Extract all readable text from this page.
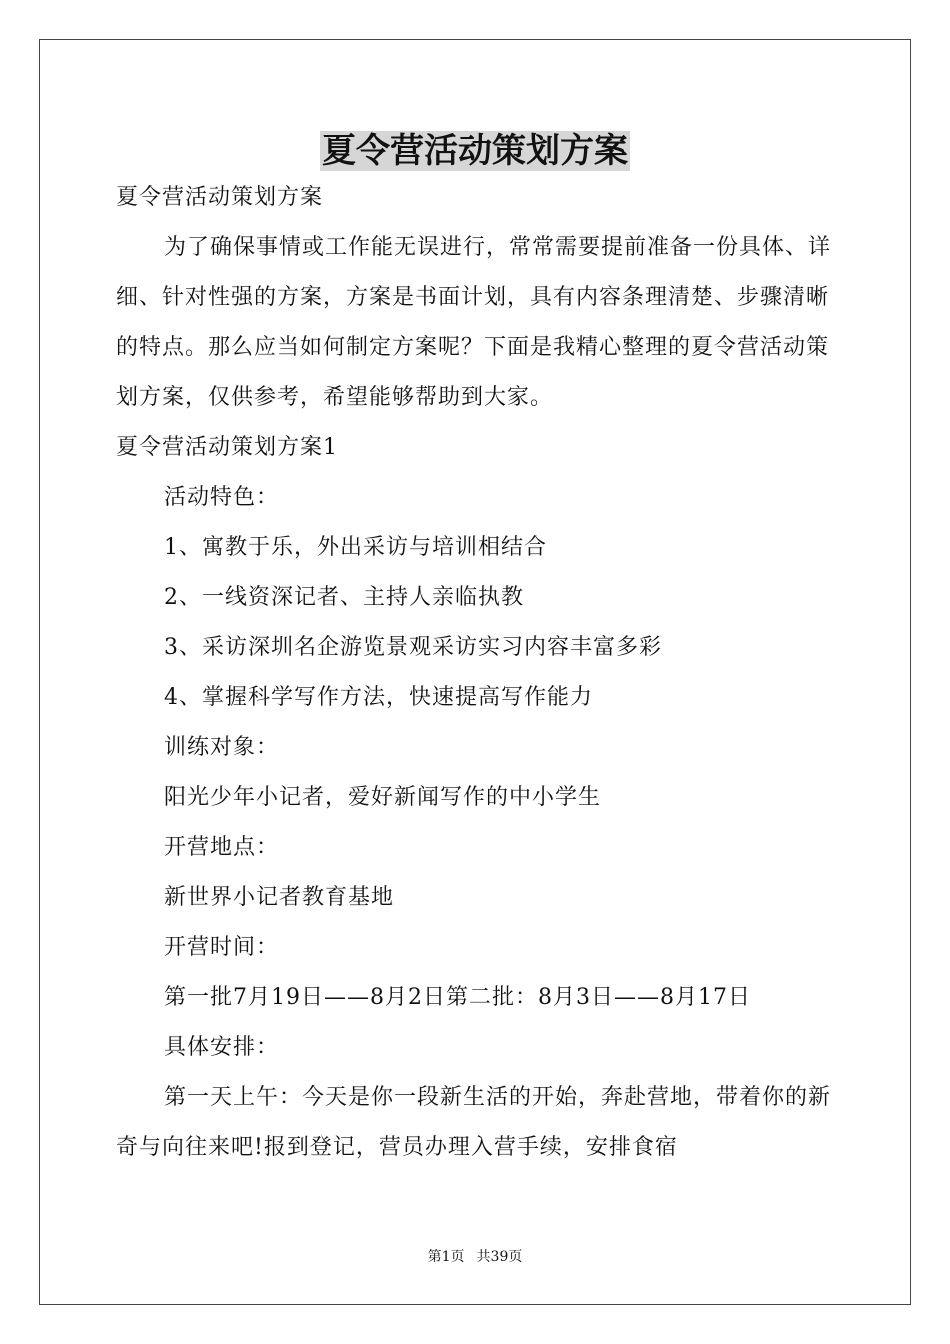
夏令营活动策划方案

夏令营活动策划方案

为了确保事情或工作能无误进行，常常需要提前准备一份具体、详细、针对性强的方案，方案是书面计划，具有内容条理清楚、步骤清晰的特点。那么应当如何制定方案呢？下面是我精心整理的夏令营活动策划方案，仅供参考，希望能够帮助到大家。

夏令营活动策划方案1

活动特色：

1、寓教于乐，外出采访与培训相结合

2、一线资深记者、主持人亲临执教

3、采访深圳名企游览景观采访实习内容丰富多彩

4、掌握科学写作方法，快速提高写作能力

训练对象：

阳光少年小记者，爱好新闻写作的中小学生

开营地点：

新世界小记者教育基地

开营时间：

第一批7月19日——8月2日第二批：8月3日——8月17日

具体安排：

第一天上午：今天是你一段新生活的开始，奔赴营地，带着你的新奇与向往来吧!报到登记，营员办理入营手续，安排食宿

第1页 共39页
